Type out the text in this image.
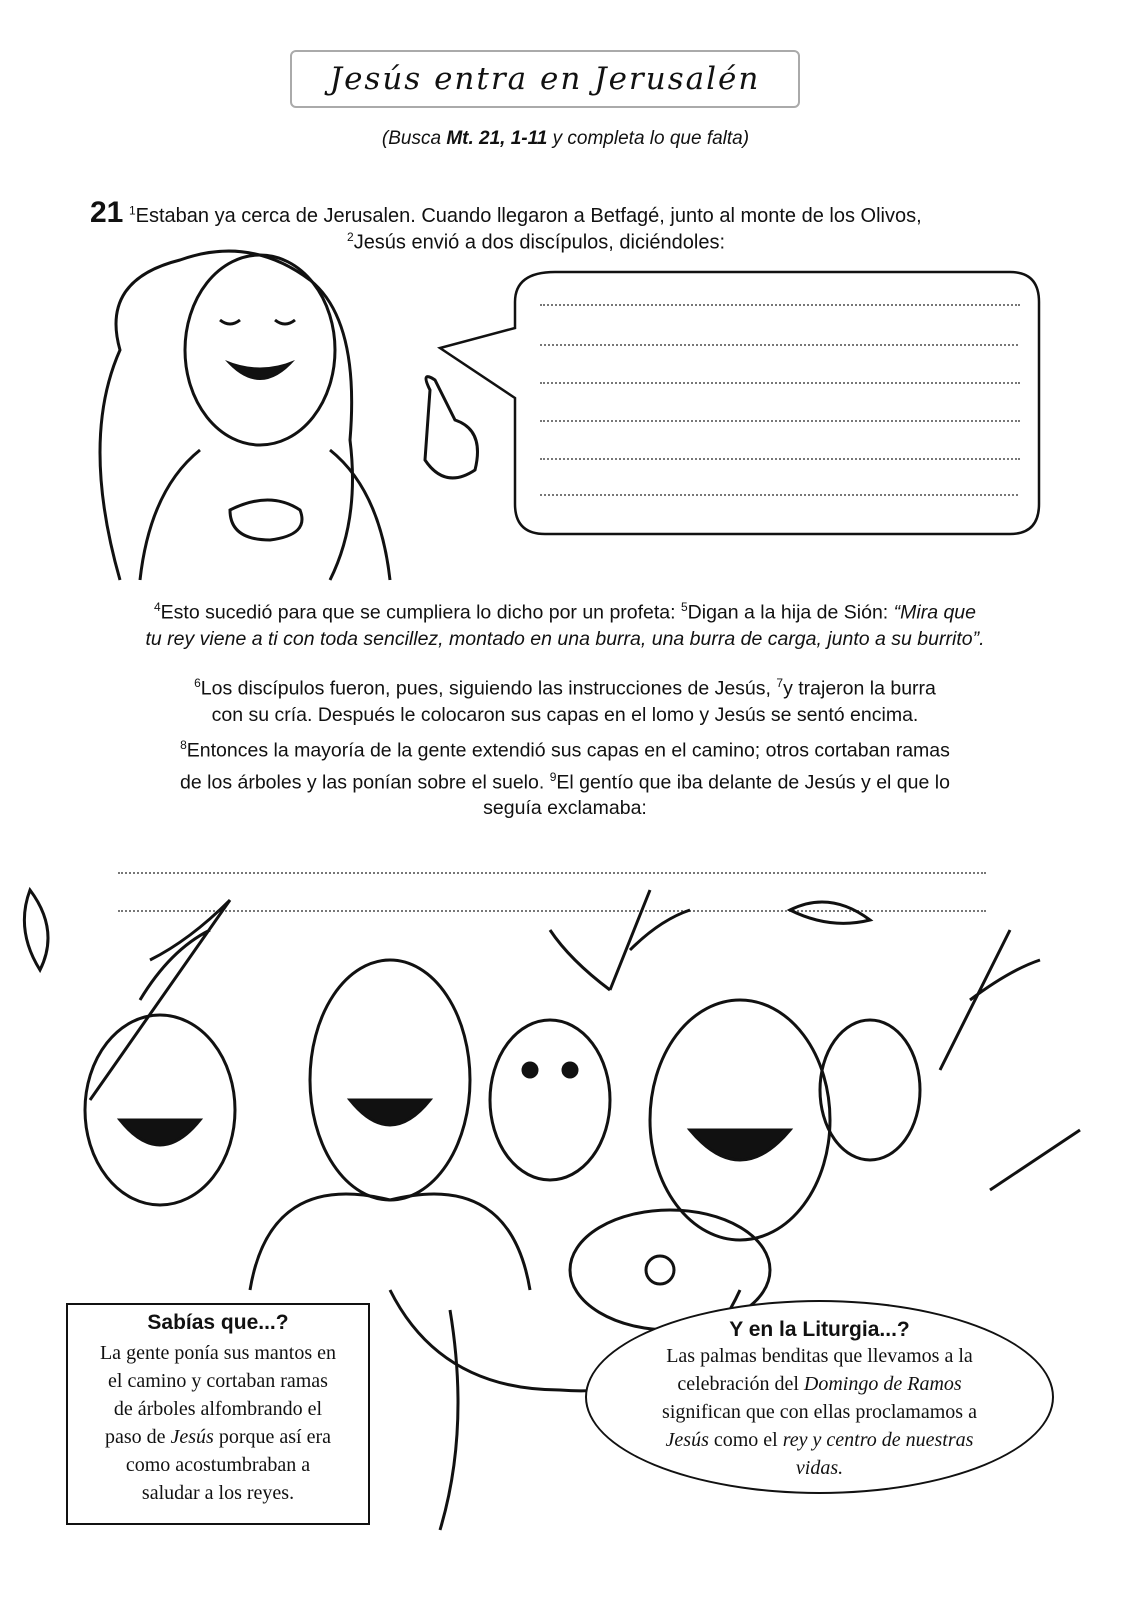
Jesús entra en Jerusalén
(Busca Mt. 21, 1-11 y completa lo que falta)
21 $^1$Estaban ya cerca de Jerusalen. Cuando llegaron a Betfagé, junto al monte de los Olivos,
$^2$Jesús envió a dos discípulos, diciéndoles:
$^4$Esto sucedió para que se cumpliera lo dicho por un profeta: $^5$Digan a la hija de Sión: “Mira que
tu rey viene a ti con toda sencillez, montado en una burra, una burra de carga, junto a su burrito”.
$^6$Los discípulos fueron, pues, siguiendo las instrucciones de Jesús, $^7$y trajeron la burra
con su cría. Después le colocaron sus capas en el lomo y Jesús se sentó encima.
$^8$Entonces la mayoría de la gente extendió sus capas en el camino; otros cortaban ramas
de los árboles y las ponían sobre el suelo. $^9$El gentío que iba delante de Jesús y el que lo
seguía exclamaba:
Sabías que...?
La gente ponía sus mantos en
el camino y cortaban ramas
de árboles alfombrando el
paso de Jesús porque así era
como acostumbraban a
saludar a los reyes.
Y en la Liturgia...?
Las palmas benditas que llevamos a la
celebración del Domingo de Ramos
significan que con ellas proclamamos a
Jesús como el rey y centro de nuestras
vidas.
